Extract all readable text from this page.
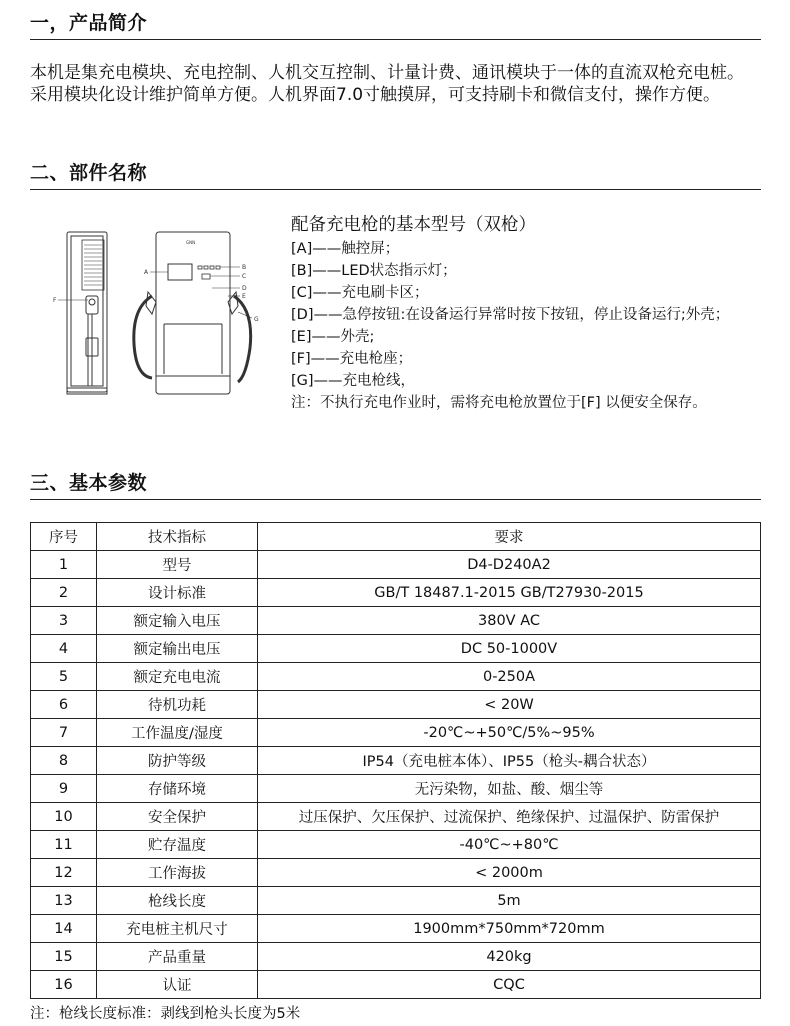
一，产品简介

本机是集充电模块、充电控制、人机交互控制、计量计费、通讯模块于一体的直流双枪充电桩。

采用模块化设计维护简单方便。人机界面7.0寸触摸屏，可支持刷卡和微信支付，操作方便。

二、部件名称
GNN
A
B
C
D
E
F
G
配备充电枪的基本型号（双枪）
[A]——触控屏；
[B]——LED状态指示灯；
[C]——充电刷卡区；
[D]——急停按钮:在设备运行异常时按下按钮，停止设备运行;外壳；
[E]——外壳;
[F]——充电枪座；
[G]——充电枪线，
注：不执行充电作业时，需将充电枪放置位于[F] 以便安全保存。
三、基本参数
序号	技术指标	要求
1	型号	D4-D240A2
2	设计标准	GB/T 18487.1-2015 GB/T27930-2015
3	额定输入电压	380V AC
4	额定输出电压	DC 50-1000V
5	额定充电电流	0-250A
6	待机功耗	< 20W
7	工作温度/湿度	-20℃~+50℃/5%~95%
8	防护等级	IP54（充电桩本体）、IP55（枪头-耦合状态）
9	存储环境	无污染物，如盐、酸、烟尘等
10	安全保护	过压保护、欠压保护、过流保护、绝缘保护、过温保护、防雷保护
11	贮存温度	-40℃~+80℃
12	工作海拔	< 2000m
13	枪线长度	5m
14	充电桩主机尺寸	1900mm*750mm*720mm
15	产品重量	420kg
16	认证	CQC
注：枪线长度标准：剥线到枪头长度为5米
